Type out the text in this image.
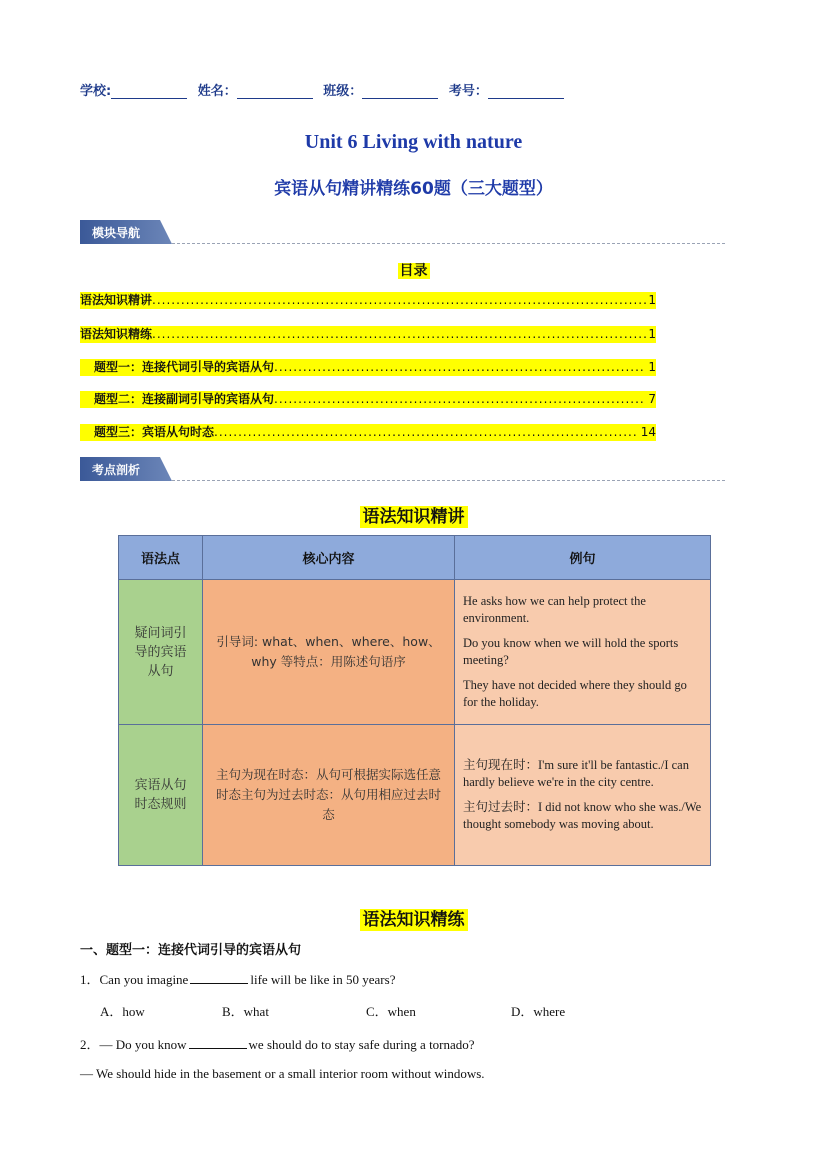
学校:	姓名：	班级：	考号：
Unit 6 Living with nature
宾语从句精讲精练60题（三大题型）
模块导航
目录
语法知识精讲 .....	1
语法知识精练 .....	1
题型一：连接代词引导的宾语从句 .....	1
题型二：连接副词引导的宾语从句 .....	7
题型三：宾语从句时态 .....	14
考点剖析
语法知识精讲
语法点	核心内容	例句

疑问词引导的宾语从句	引导词: what、when、where、how、why 等特点：用陈述句语序	He asks how we can help protect the environment.

Do you know when we will hold the sports meeting?

They have not decided where they should go for the holiday.

宾语从句时态规则	主句为现在时态：从句可根据实际选任意时态主句为过去时态：从句用相应过去时态	主句现在时：I'm sure it'll be fantastic./I can hardly believe we're in the city centre.

主句过去时：I did not know who she was./We thought somebody was moving about.

语法知识精练
一、题型一：连接代词引导的宾语从句
1．Can you imagine	life will be like in 50 years?
A．how	B．what	C．when	D．where
2．— Do you know	we should do to stay safe during a tornado?
— We should hide in the basement or a small interior room without windows.
